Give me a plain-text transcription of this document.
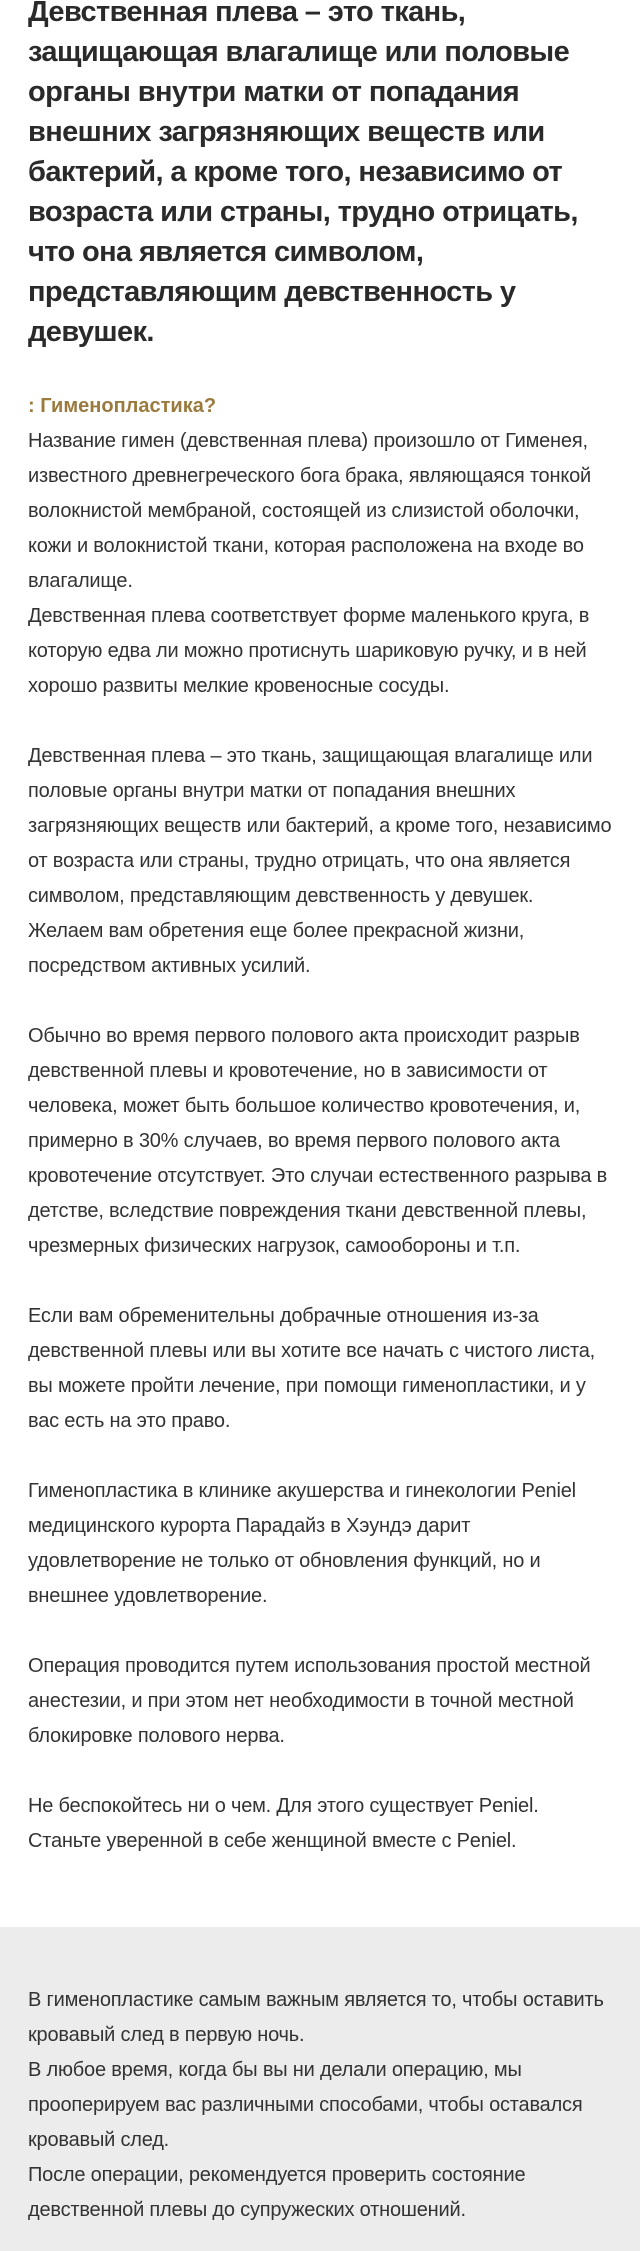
Девственная плева – это ткань, защищающая влагалище или половые органы внутри матки от попадания внешних загрязняющих веществ или бактерий, а кроме того, независимо от возраста или страны, трудно отрицать, что она является символом, представляющим девственность у девушек.
: Гименопластика?
Название гимен (девственная плева) произошло от Гименея, известного древнегреческого бога брака, являющаяся тонкой волокнистой мембраной, состоящей из слизистой оболочки, кожи и волокнистой ткани, которая расположена на входе во влагалище.
Девственная плева соответствует форме маленького круга, в которую едва ли можно протиснуть шариковую ручку, и в ней хорошо развиты мелкие кровеносные сосуды.
Девственная плева – это ткань, защищающая влагалище или половые органы внутри матки от попадания внешних загрязняющих веществ или бактерий, а кроме того, независимо от возраста или страны, трудно отрицать, что она является символом, представляющим девственность у девушек.
Желаем вам обретения еще более прекрасной жизни, посредством активных усилий.
Обычно во время первого полового акта происходит разрыв девственной плевы и кровотечение, но в зависимости от человека, может быть большое количество кровотечения, и, примерно в 30% случаев, во время первого полового акта кровотечение отсутствует. Это случаи естественного разрыва в детстве, вследствие повреждения ткани девственной плевы, чрезмерных физических нагрузок, самообороны и т.п.
Если вам обременительны добрачные отношения из-за девственной плевы или вы хотите все начать с чистого листа, вы можете пройти лечение, при помощи гименопластики, и у вас есть на это право.
Гименопластика в клинике акушерства и гинекологии Peniel медицинского курорта Парадайз в Хэундэ дарит удовлетворение не только от обновления функций, но и внешнее удовлетворение.
Операция проводится путем использования простой местной анестезии, и при этом нет необходимости в точной местной блокировке полового нерва.
Не беспокойтесь ни о чем. Для этого существует Peniel. Станьте уверенной в себе женщиной вместе с Peniel.
В гименопластике самым важным является то, чтобы оставить кровавый след в первую ночь.
В любое время, когда бы вы ни делали операцию, мы прооперируем вас различными способами, чтобы оставался кровавый след.
После операции, рекомендуется проверить состояние девственной плевы до супружеских отношений.
